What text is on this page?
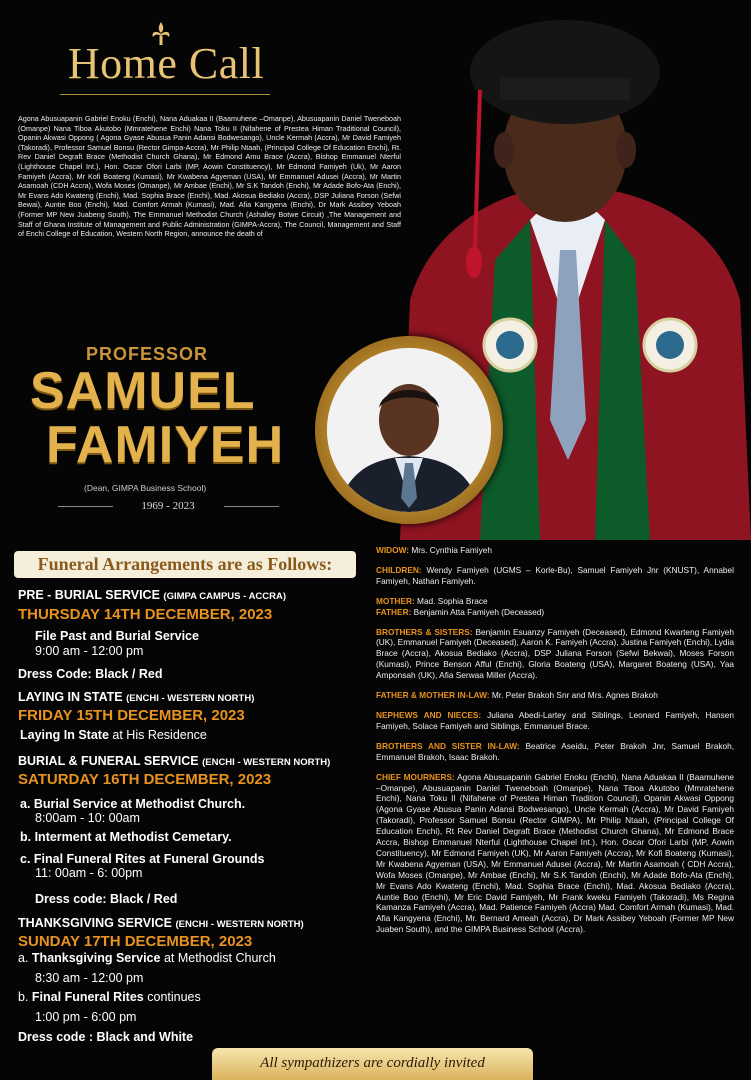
Home Call
Agona Abusuapanin Gabriel Enoku (Enchi), Nana Aduakaa II (Baamuhene –Omanpe), Abusuapanin Daniel Tweneboah (Omanpe) Nana Tiboa Akutobo (Mmratehene Enchi) Nana Toku II (Nifahene of Prestea Himan Traditional Council), Opanin Akwasi Oppong ( Agona Gyase Abusua Panin Adansi Bodwesango), Uncle Kermah (Accra), Mr David Famiyeh (Takoradi), Professor Samuel Bonsu (Rector Gimpa-Accra), Mr Philip Ntaah, (Principal College Of Education Enchi), Rt. Rev Daniel Degraft Brace (Methodist Church Ghana), Mr Edmond Amu Brace (Accra), Bishop Emmanuel Nterful (Lighthouse Chapel Int.), Hon. Oscar Ofori Larbi (MP, Aowin Constituency), Mr Edmond Famiyeh (Uk), Mr Aaron Famiyeh (Accra), Mr Kofi Boateng (Kumasi), Mr Kwabena Agyeman (USA), Mr Emmanuel Adusei (Accra), Mr Martin Asamoah (CDH Accra), Wofa Moses (Omanpe), Mr Ambae (Enchi), Mr S.K Tandoh (Enchi), Mr Adade Bofo-Ata (Enchi), Mr Evans Ado Kwateng (Enchi), Mad. Sophia Brace (Enchi), Mad. Akosua Bediako (Accra), DSP Juliana Forson (Sefwi Bewai), Auntie Boo (Enchi), Mad. Comfort Armah (Kumasi), Mad. Afia Kangyena (Enchi), Dr Mark Assibey Yeboah (Former MP New Juabeng South), The Emmanuel Methodist Church (Ashalley Botwe Circuit) ,The Management and Staff of Ghana Institute of Management and Public Administration (GIMPA-Accra), The Council, Management and Staff of Enchi College of Education, Western North Region, announce the death of
PROFESSOR
SAMUEL
FAMIYEH
(Dean, GIMPA Business School)
1969 - 2023
Funeral Arrangements are as Follows:
PRE - BURIAL SERVICE (GIMPA CAMPUS - ACCRA)
THURSDAY 14TH DECEMBER, 2023
File Past and Burial Service
9:00 am - 12:00 pm
Dress Code: Black / Red
LAYING IN STATE (ENCHI - WESTERN NORTH)
FRIDAY 15TH DECEMBER, 2023
Laying In State at His Residence
BURIAL & FUNERAL SERVICE (ENCHI - WESTERN NORTH)
SATURDAY 16TH DECEMBER, 2023
a. Burial Service at Methodist Church.
8:00am - 10: 00am
b. Interment at Methodist Cemetary.
c. Final Funeral Rites at Funeral Grounds
11: 00am - 6: 00pm
Dress code: Black / Red
THANKSGIVING SERVICE (ENCHI - WESTERN NORTH)
SUNDAY 17TH DECEMBER, 2023
a. Thanksgiving Service at Methodist Church
8:30 am - 12:00 pm
b. Final Funeral Rites continues
1:00 pm - 6:00 pm
Dress code : Black and White

WIDOW: Mrs. Cynthia Famiyeh

CHILDREN: Wendy Famiyeh (UGMS – Korle-Bu), Samuel Famiyeh Jnr (KNUST), Annabel Famiyeh, Nathan Famiyeh.

MOTHER: Mad. Sophia Brace
FATHER: Benjamin Atta Famiyeh (Deceased)

BROTHERS & SISTERS: Benjamin Esuanzy Famiyeh (Deceased), Edmond Kwarteng Famiyeh (UK), Emmanuel Famiyeh (Deceased), Aaron K. Famiyeh (Accra), Justina Famiyeh (Enchi), Lydia Brace (Accra), Akosua Bediako (Accra), DSP Juliana Forson (Sefwi Bekwai), Moses Forson (Kumasi), Prince Benson Afful (Enchi), Gloria Boateng (USA), Margaret Boateng (USA), Yaa Amponsah (UK), Afia Serwaa Miller (Accra).

FATHER & MOTHER IN-LAW: Mr. Peter Brakoh Snr and Mrs. Agnes Brakoh

NEPHEWS AND NIECES: Juliana Abedi-Lartey and Siblings, Leonard Famiyeh, Hansen Famiyeh, Solace Famiyeh and Siblings, Emmanuel Brace.

BROTHERS AND SISTER IN-LAW: Beatrice Aseidu, Peter Brakoh Jnr, Samuel Brakoh, Emmanuel Brakoh, Isaac Brakoh.

CHIEF MOURNERS: Agona Abusuapanin Gabriel Enoku (Enchi), Nana Aduakaa II (Baamuhene –Omanpe), Abusuapanin Daniel Tweneboah (Omanpe), Nana Tiboa Akutobo (Mmratehene Enchi), Nana Toku II (Nifahene of Prestea Himan Tradition Council), Opanin Akwasi Oppong (Agona Gyase Abusua Panin Adansi Bodwesango), Uncle Kermah (Accra), Mr David Famiyeh (Takoradi), Professor Samuel Bonsu (Rector GIMPA), Mr Philip Ntaah, (Principal College Of Education Enchi), Rt Rev Daniel Degraft Brace (Methodist Church Ghana), Mr Edmond Brace Accra, Bishop Emmanuel Nterful (Lighthouse Chapel Int.), Hon. Oscar Ofori Larbi (MP, Aowin Constituency), Mr Edmond Famiyeh (UK), Mr Aaron Famiyeh (Accra), Mr Kofi Boateng (Kumasi), Mr Kwabena Agyeman (USA), Mr Emmanuel Adusei (Accra), Mr Martin Asamoah ( CDH Accra), Wofa Moses (Omanpe), Mr Ambae (Enchi), Mr S.K Tandoh (Enchi), Mr Adade Bofo-Ata (Enchi), Mr Evans Ado Kwateng (Enchi), Mad. Sophia Brace (Enchi), Mad. Akosua Bediako (Accra), Auntie Boo (Enchi), Mr Eric David Famiyeh, Mr Frank kweku Famiyeh (Takoradi), Ms Regina Kamanza Famiyeh (Accra), Mad. Patience Famiyeh (Accra) Mad. Comfort Armah (Kumasi), Mad. Afia Kangyena (Enchi), Mr. Bernard Ameah (Accra), Dr Mark Assibey Yeboah (Former MP New Juaben South), and the GIMPA Business School (Accra).

All sympathizers are cordially invited
